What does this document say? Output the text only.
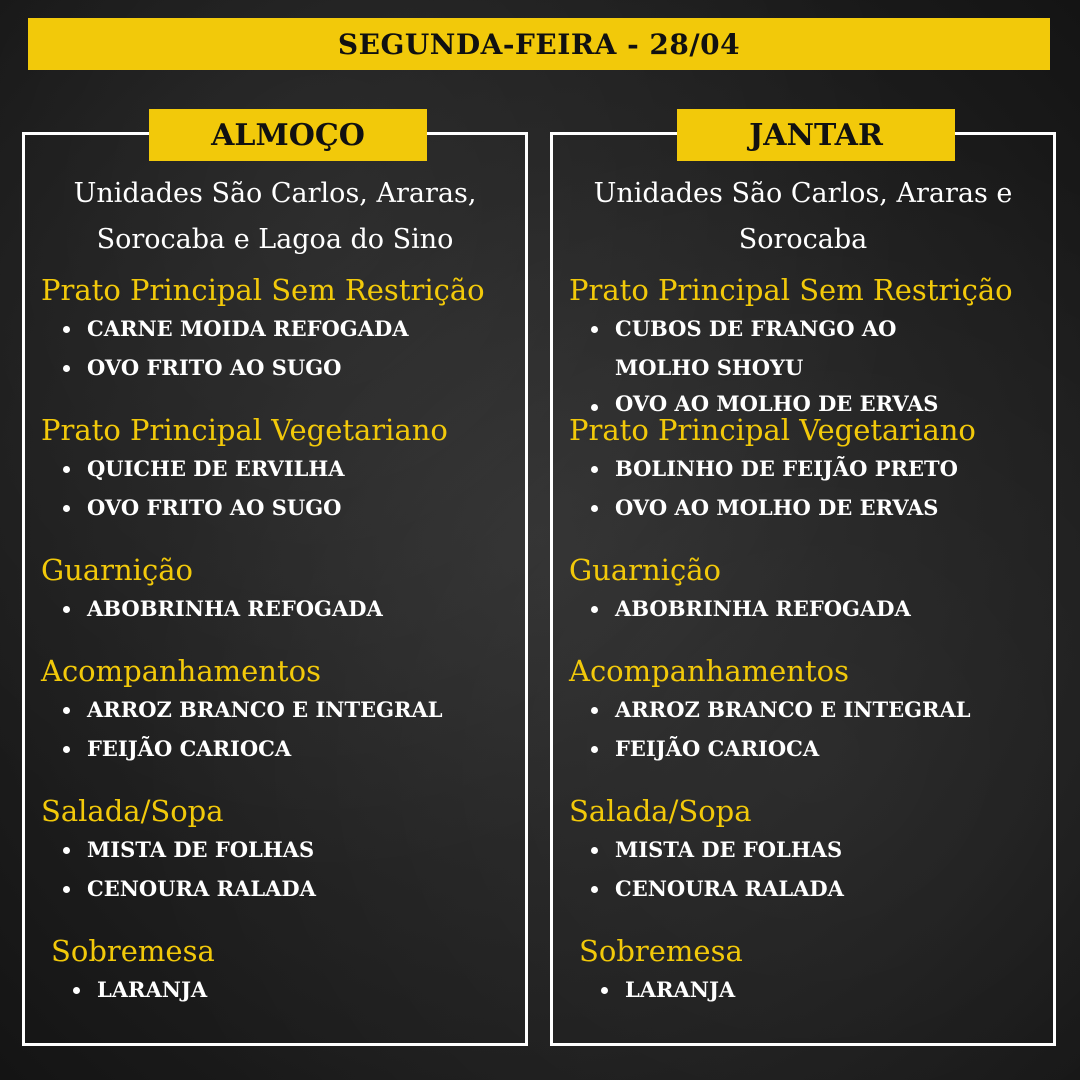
SEGUNDA-FEIRA - 28/04
ALMOÇO
Unidades São Carlos, Araras,
Sorocaba e Lagoa do Sino
Prato Principal Sem Restrição
CARNE MOIDA REFOGADA
OVO FRITO AO SUGO
Prato Principal Vegetariano
QUICHE DE ERVILHA
OVO FRITO AO SUGO
Guarnição
ABOBRINHA REFOGADA
Acompanhamentos
ARROZ BRANCO E INTEGRAL
FEIJÃO CARIOCA
Salada/Sopa
MISTA DE FOLHAS
CENOURA RALADA
Sobremesa
LARANJA
JANTAR
Unidades São Carlos, Araras e
Sorocaba
Prato Principal Sem Restrição
CUBOS DE FRANGO AO MOLHO SHOYU
OVO AO MOLHO DE ERVAS
Prato Principal Vegetariano
BOLINHO DE FEIJÃO PRETO
OVO AO MOLHO DE ERVAS
Guarnição
ABOBRINHA REFOGADA
Acompanhamentos
ARROZ BRANCO E INTEGRAL
FEIJÃO CARIOCA
Salada/Sopa
MISTA DE FOLHAS
CENOURA RALADA
Sobremesa
LARANJA
